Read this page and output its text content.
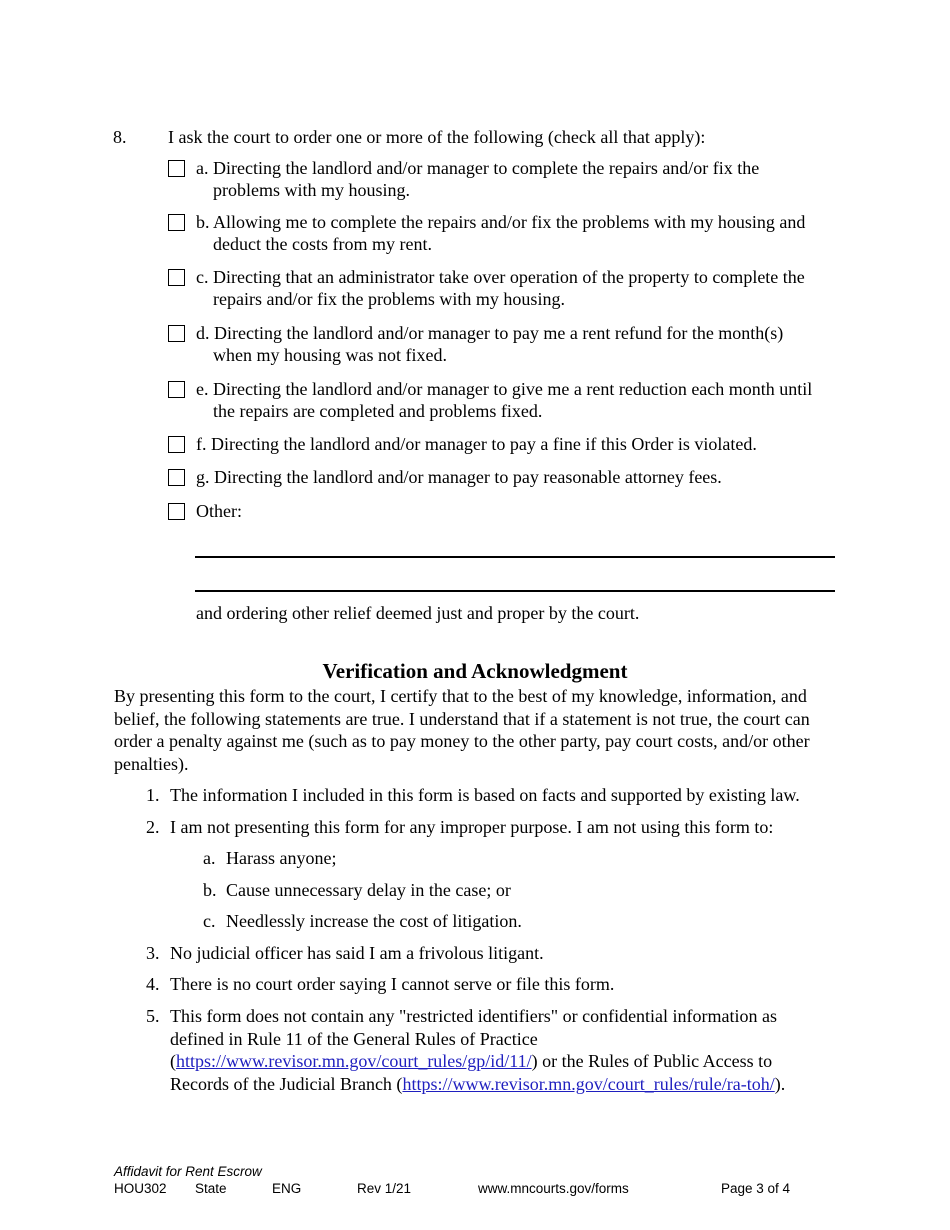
8. I ask the court to order one or more of the following (check all that apply):
a. Directing the landlord and/or manager to complete the repairs and/or fix the
problems with my housing.
b. Allowing me to complete the repairs and/or fix the problems with my housing and
deduct the costs from my rent.
c. Directing that an administrator take over operation of the property to complete the
repairs and/or fix the problems with my housing.
d. Directing the landlord and/or manager to pay me a rent refund for the month(s)
when my housing was not fixed.
e. Directing the landlord and/or manager to give me a rent reduction each month until
the repairs are completed and problems fixed.
f. Directing the landlord and/or manager to pay a fine if this Order is violated.
g. Directing the landlord and/or manager to pay reasonable attorney fees.
Other:
and ordering other relief deemed just and proper by the court.
Verification and Acknowledgment
By presenting this form to the court, I certify that to the best of my knowledge, information, and belief, the following statements are true. I understand that if a statement is not true, the court can order a penalty against me (such as to pay money to the other party, pay court costs, and/or other penalties).
1. The information I included in this form is based on facts and supported by existing law.
2. I am not presenting this form for any improper purpose. I am not using this form to:
a. Harass anyone;
b. Cause unnecessary delay in the case; or
c. Needlessly increase the cost of litigation.
3. No judicial officer has said I am a frivolous litigant.
4. There is no court order saying I cannot serve or file this form.
5. This form does not contain any "restricted identifiers" or confidential information as defined in Rule 11 of the General Rules of Practice (https://www.revisor.mn.gov/court_rules/gp/id/11/) or the Rules of Public Access to Records of the Judicial Branch (https://www.revisor.mn.gov/court_rules/rule/ra-toh/).
Affidavit for Rent Escrow
HOU302 State	ENG	Rev 1/21	www.mncourts.gov/forms	Page 3 of 4
